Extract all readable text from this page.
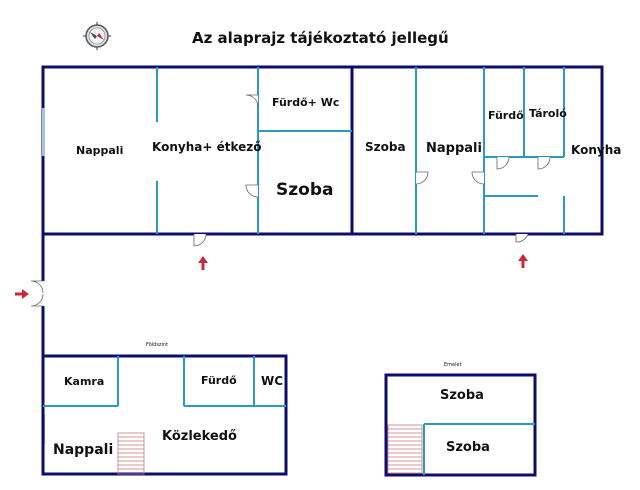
Az alaprajz tájékoztató jellegű
Nappali Konyha+ étkező
Fürdő+ Wc
Szoba
Szoba Nappali
Fürdő Tároló
Konyha
Földszint
Kamra	Fürdő WC
Közlekedő
Nappali
Emelet
Szoba
Szoba
